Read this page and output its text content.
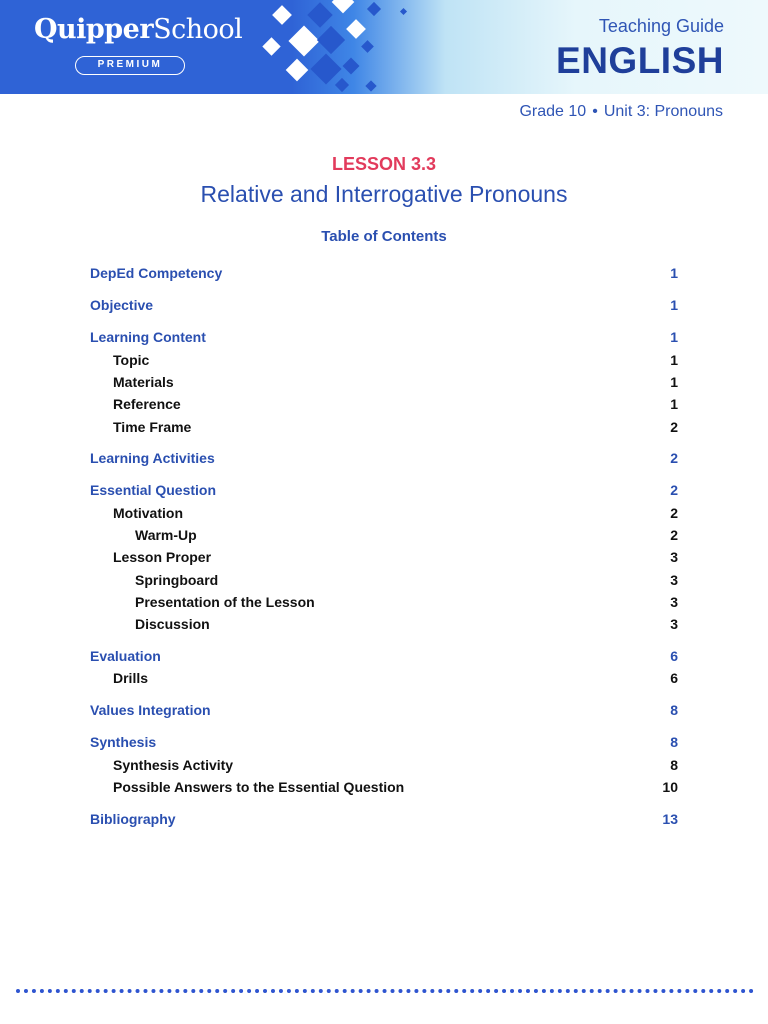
QuipperSchool
PREMIUM
Teaching Guide
ENGLISH
Grade 10 • Unit 3: Pronouns
LESSON 3.3
Relative and Interrogative Pronouns
Table of Contents
DepEd Competency	1
Objective	1
Learning Content	1
Topic	1
Materials	1
Reference	1
Time Frame	2
Learning Activities	2
Essential Question	2
Motivation	2
Warm-Up	2
Lesson Proper	3
Springboard	3
Presentation of the Lesson	3
Discussion	3
Evaluation	6
Drills	6
Values Integration	8
Synthesis	8
Synthesis Activity	8
Possible Answers to the Essential Question	10
Bibliography	13
